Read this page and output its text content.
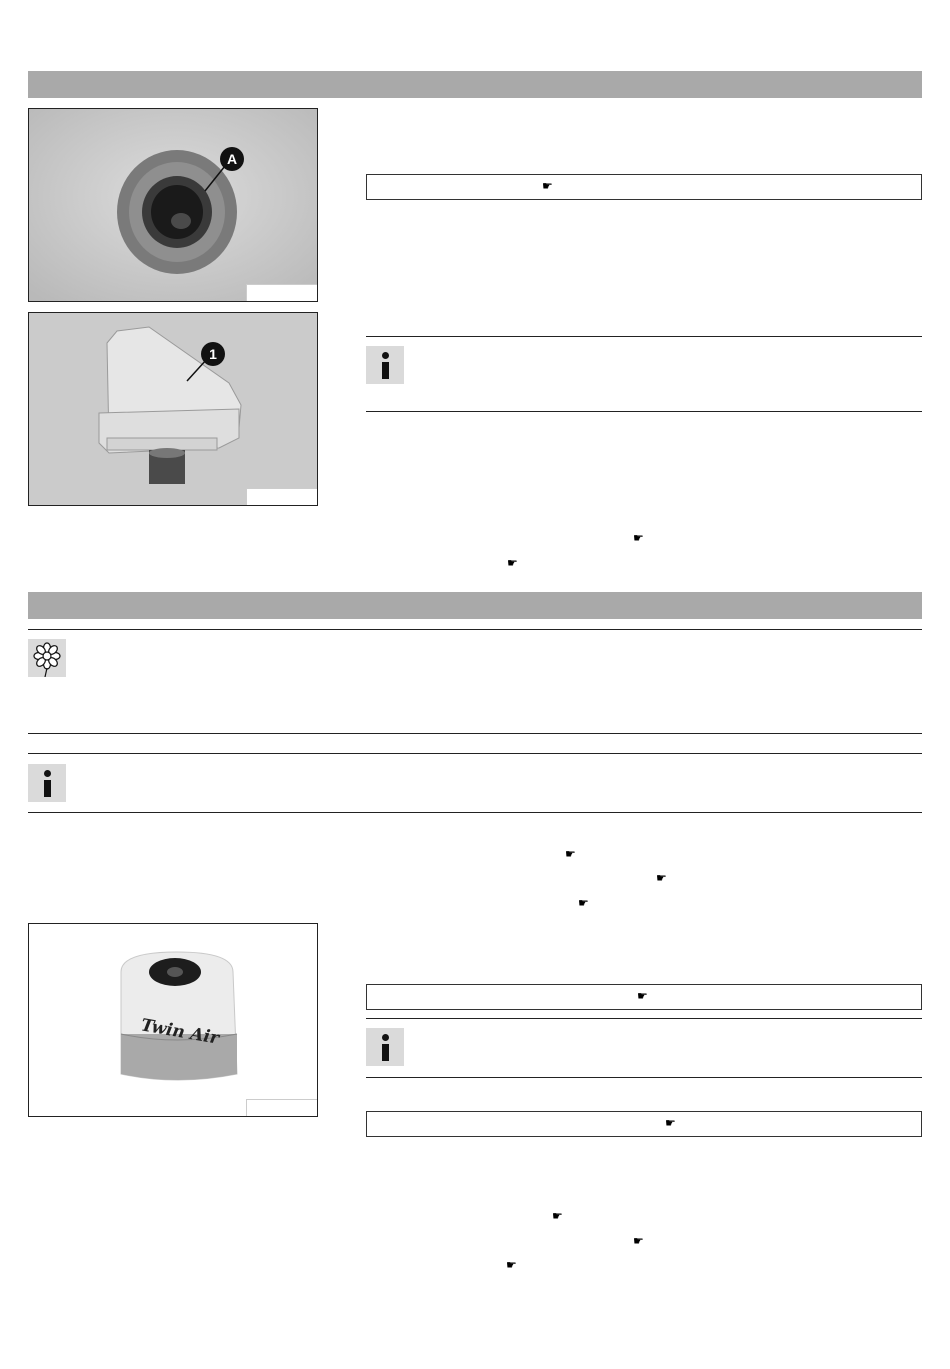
A
1
☛
☛
☛
☛
☛
☛
Twin Air
☛
☛
☛
☛
☛
